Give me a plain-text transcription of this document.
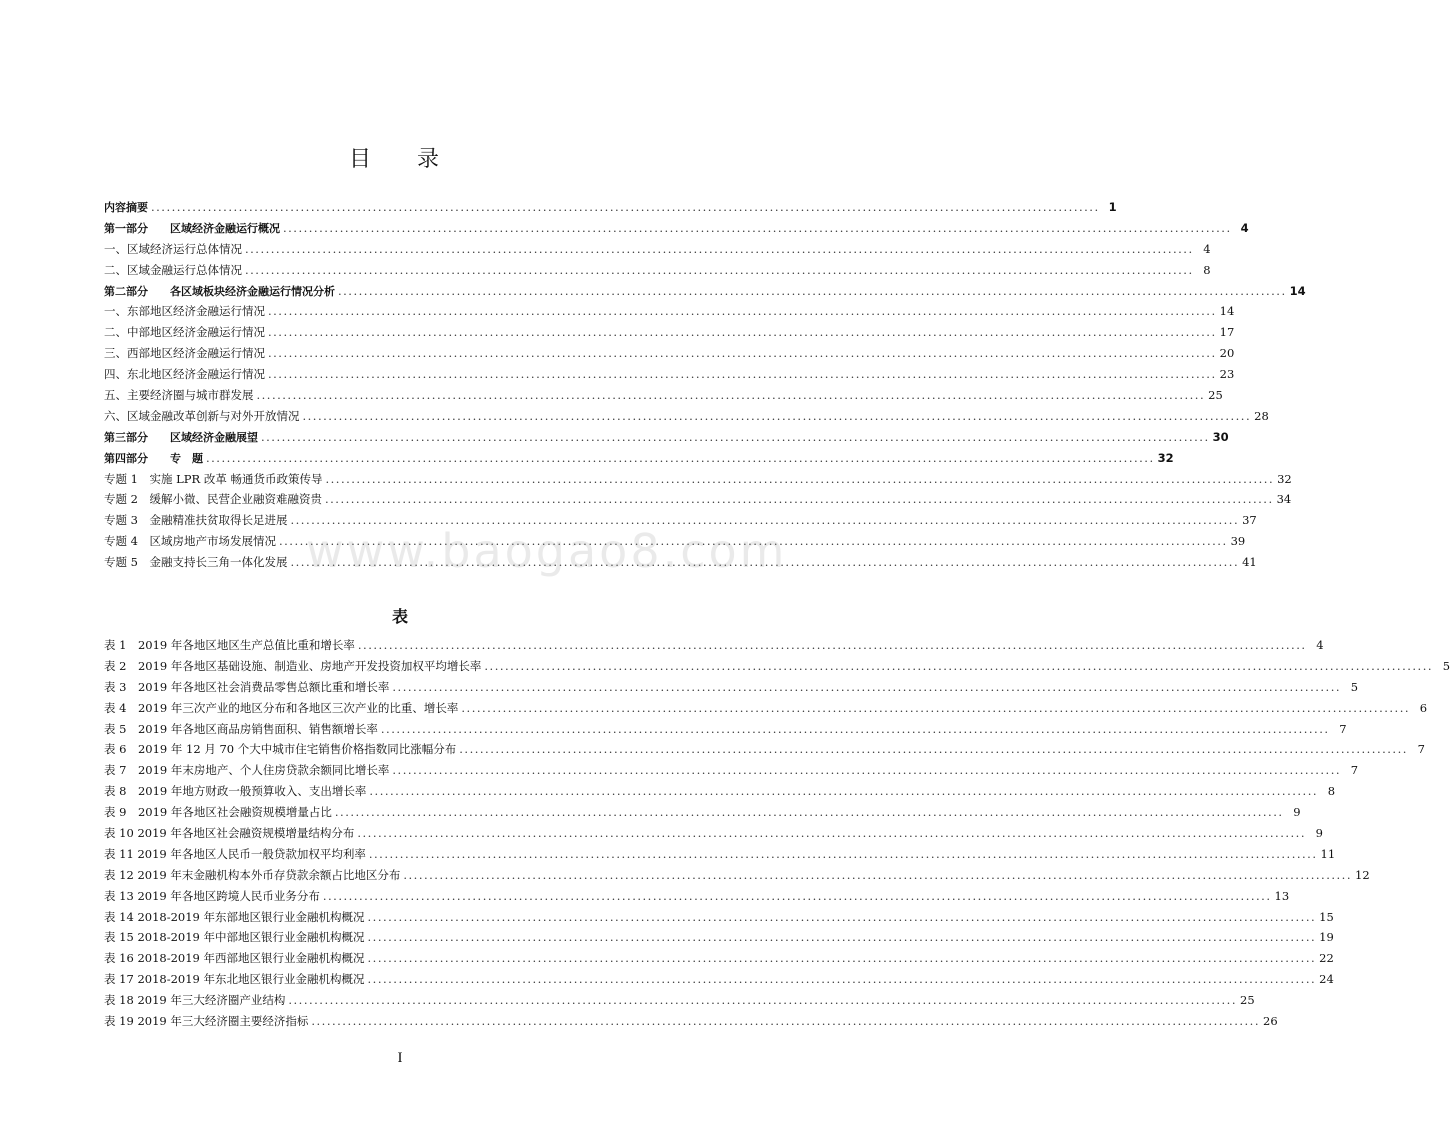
目　录
内容摘要 .....	1
第一部分　　区域经济金融运行概况 .....	4
一、区域经济运行总体情况 .....	4
二、区域金融运行总体情况 .....	8
第二部分　　各区域板块经济金融运行情况分析 .....	14
一、东部地区经济金融运行情况 .....	14
二、中部地区经济金融运行情况 .....	17
三、西部地区经济金融运行情况 .....	20
四、东北地区经济金融运行情况 .....	23
五、主要经济圈与城市群发展 .....	25
六、区域金融改革创新与对外开放情况 .....	28
第三部分　　区域经济金融展望 .....	30
第四部分　　专　题 .....	32
专题 1　实施 LPR 改革 畅通货币政策传导 .....	32
专题 2　缓解小微、民营企业融资难融资贵 .....	34
专题 3　金融精准扶贫取得长足进展 .....	37
专题 4　区域房地产市场发展情况 .....	39
专题 5　金融支持长三角一体化发展 .....	41
www.baogao8.com
表
表 1　2019 年各地区地区生产总值比重和增长率 .....	4
表 2　2019 年各地区基础设施、制造业、房地产开发投资加权平均增长率 .....	5
表 3　2019 年各地区社会消费品零售总额比重和增长率 .....	5
表 4　2019 年三次产业的地区分布和各地区三次产业的比重、增长率 .....	6
表 5　2019 年各地区商品房销售面积、销售额增长率 .....	7
表 6　2019 年 12 月 70 个大中城市住宅销售价格指数同比涨幅分布 .....	7
表 7　2019 年末房地产、个人住房贷款余额同比增长率 .....	7
表 8　2019 年地方财政一般预算收入、支出增长率 .....	8
表 9　2019 年各地区社会融资规模增量占比 .....	9
表 10 2019 年各地区社会融资规模增量结构分布 .....	9
表 11 2019 年各地区人民币一般贷款加权平均利率 .....	11
表 12 2019 年末金融机构本外币存贷款余额占比地区分布 .....	12
表 13 2019 年各地区跨境人民币业务分布 .....	13
表 14 2018-2019 年东部地区银行业金融机构概况 .....	15
表 15 2018-2019 年中部地区银行业金融机构概况 .....	19
表 16 2018-2019 年西部地区银行业金融机构概况 .....	22
表 17 2018-2019 年东北地区银行业金融机构概况 .....	24
表 18 2019 年三大经济圈产业结构 .....	25
表 19 2019 年三大经济圈主要经济指标 .....	26
I
